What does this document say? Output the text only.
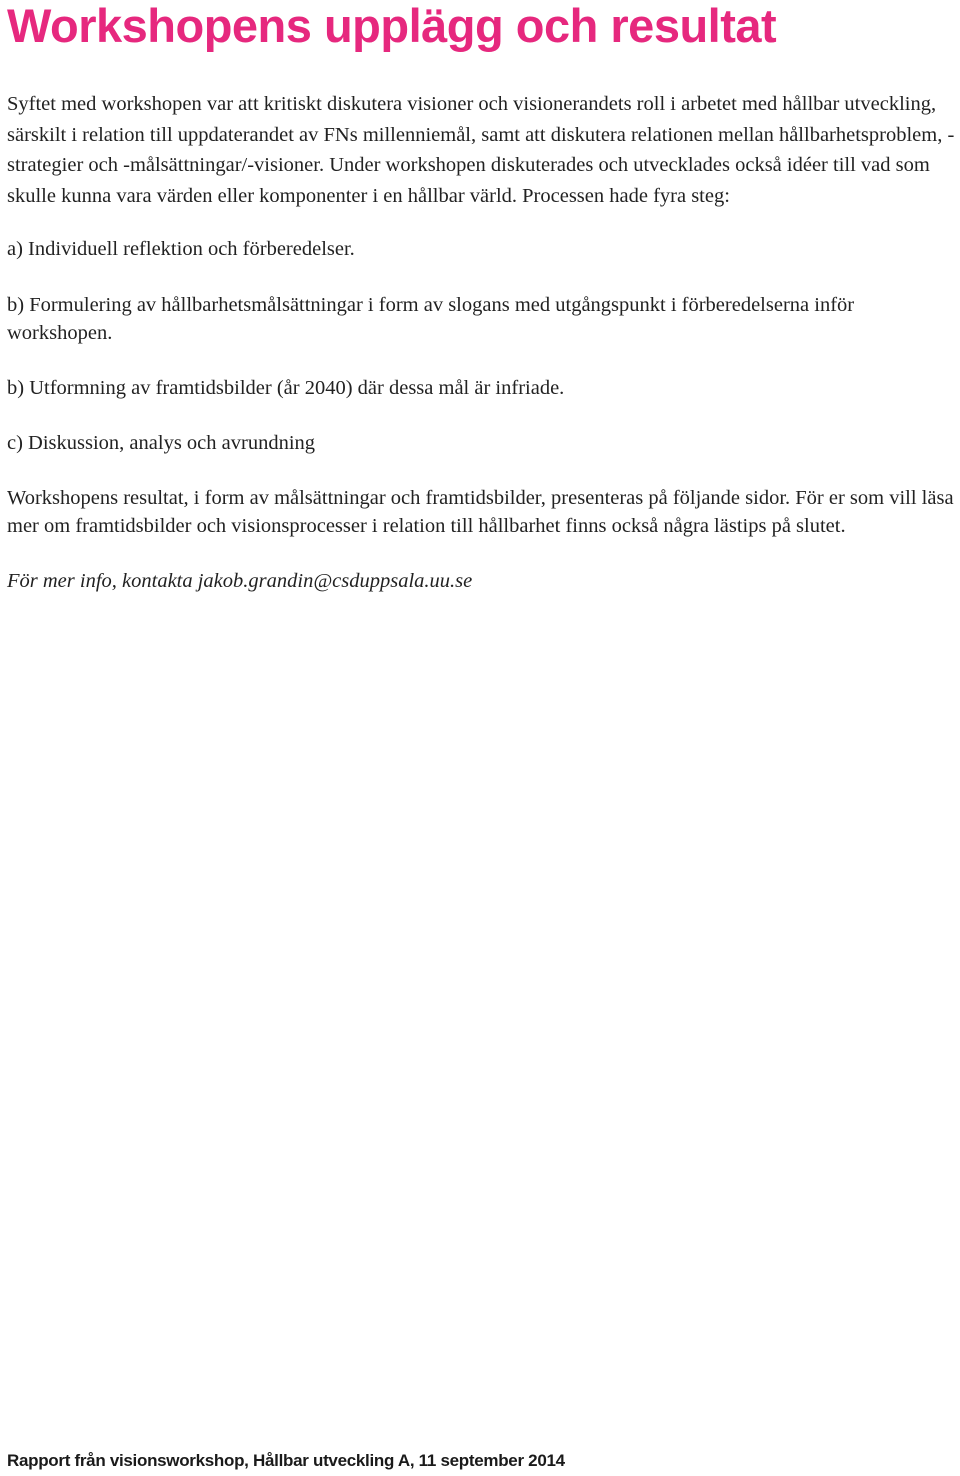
Workshopens upplägg och resultat

Syftet med workshopen var att kritiskt diskutera visioner och visionerandets roll i arbetet med hållbar utveckling, särskilt i relation till uppdaterandet av FNs millenniemål, samt att diskutera relationen mellan hållbarhetsproblem, -strategier och -målsättningar/-visioner. Under workshopen diskuterades och utvecklades också idéer till vad som skulle kunna vara värden eller komponenter i en hållbar värld. Processen hade fyra steg:

a) Individuell reflektion och förberedelser.

b) Formulering av hållbarhetsmålsättningar i form av slogans med utgångspunkt i förberedelserna inför workshopen.

b) Utformning av framtidsbilder (år 2040) där dessa mål är infriade.

c) Diskussion, analys och avrundning

Workshopens resultat, i form av målsättningar och framtidsbilder, presenteras på följande sidor. För er som vill läsa mer om framtidsbilder och visionsprocesser i relation till hållbarhet finns också några lästips på slutet.

För mer info, kontakta jakob.grandin@csduppsala.uu.se

Rapport från visionsworkshop, Hållbar utveckling A, 11 september 2014
